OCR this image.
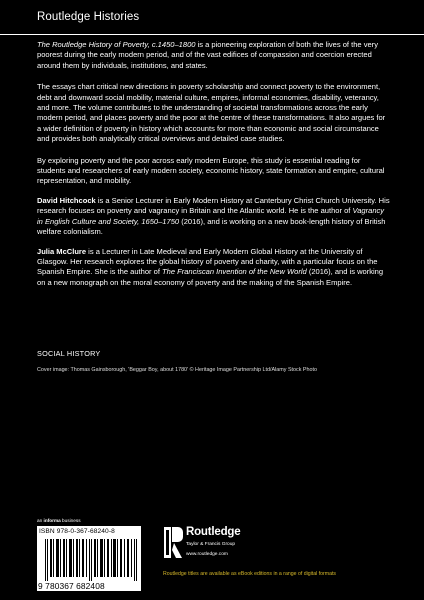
Routledge Histories

The Routledge History of Poverty, c.1450–1800 is a pioneering exploration of both the lives of the very poorest during the early modern period, and of the vast edifices of compassion and coercion erected around them by individuals, institutions, and states.

The essays chart critical new directions in poverty scholarship and connect poverty to the environment, debt and downward social mobility, material culture, empires, informal economies, disability, veterancy, and more. The volume contributes to the understanding of societal transformations across the early modern period, and places poverty and the poor at the centre of these transformations. It also argues for a wider definition of poverty in history which accounts for more than economic and social circumstance and provides both analytically critical overviews and detailed case studies.

By exploring poverty and the poor across early modern Europe, this study is essential reading for students and researchers of early modern society, economic history, state formation and empire, cultural representation, and mobility.

David Hitchcock is a Senior Lecturer in Early Modern History at Canterbury Christ Church University. His research focuses on poverty and vagrancy in Britain and the Atlantic world. He is the author of Vagrancy in English Culture and Society, 1650–1750 (2016), and is working on a new book-length history of British welfare colonialism.

Julia McClure is a Lecturer in Late Medieval and Early Modern Global History at the University of Glasgow. Her research explores the global history of poverty and charity, with a particular focus on the Spanish Empire. She is the author of The Franciscan Invention of the New World (2016), and is working on a new monograph on the moral economy of poverty and the making of the Spanish Empire.

SOCIAL HISTORY
Cover image: Thomas Gainsborough, 'Beggar Boy, about 1780' © Heritage Image Partnership Ltd/Alamy Stock Photo
an informa business
ISBN 978-0-367-68240-8
9 780367 682408
Routledge
Taylor & Francis Group
www.routledge.com
Routledge titles are available as eBook editions in a range of digital formats
